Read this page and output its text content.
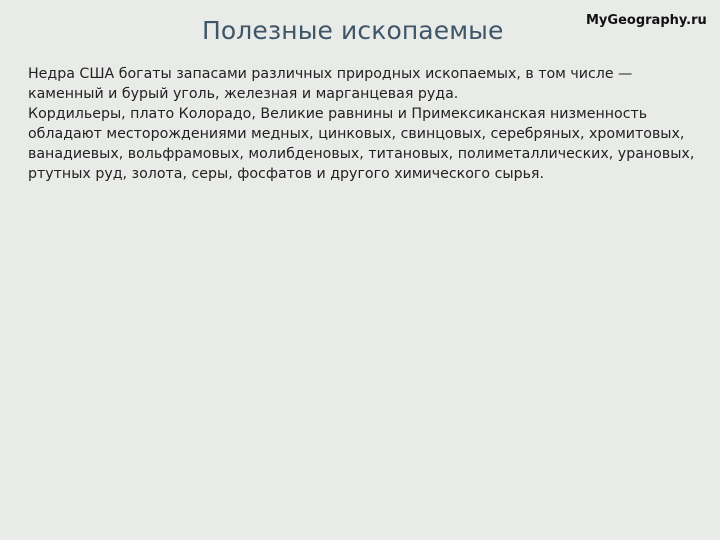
Полезные ископаемые	MyGeography.ru

Недра США богаты запасами различных природных ископаемых, в том числе — каменный и бурый уголь, железная и марганцевая руда.

Кордильеры, плато Колорадо, Великие равнины и Примексиканская низменность обладают месторождениями медных, цинковых, свинцовых, серебряных, хромитовых, ванадиевых, вольфрамовых, молибденовых, титановых, полиметаллических, урановых, ртутных руд, золота, серы, фосфатов и другого химического сырья.
